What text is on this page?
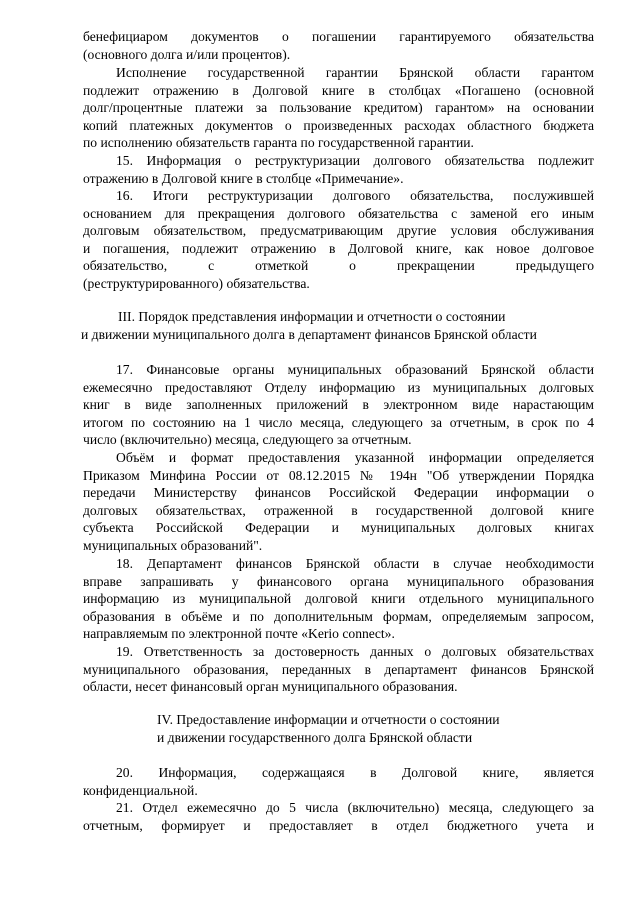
бенефициаром документов о погашении гарантируемого обязательства
(основного долга и/или процентов).
Исполнение государственной гарантии Брянской области гарантом
подлежит отражению в Долговой книге в столбцах «Погашено (основной
долг/процентные платежи за пользование кредитом) гарантом» на основании
копий платежных документов о произведенных расходах областного бюджета
по исполнению обязательств гаранта по государственной гарантии.
15. Информация о реструктуризации долгового обязательства подлежит
отражению в Долговой книге в столбце «Примечание».
16. Итоги реструктуризации долгового обязательства, послужившей
основанием для прекращения долгового обязательства с заменой его иным
долговым обязательством, предусматривающим другие условия обслуживания
и погашения, подлежит отражению в Долговой книге, как новое долговое
обязательство, с отметкой о прекращении предыдущего
(реструктурированного) обязательства.
III. Порядок представления информации и отчетности о состоянии
и движении муниципального долга в департамент финансов Брянской области
17. Финансовые органы муниципальных образований Брянской области
ежемесячно предоставляют Отделу информацию из муниципальных долговых
книг в виде заполненных приложений в электронном виде нарастающим
итогом по состоянию на 1 число месяца, следующего за отчетным, в срок по 4
число (включительно) месяца, следующего за отчетным.
Объём и формат предоставления указанной информации определяется
Приказом Минфина России от 08.12.2015 № 194н "Об утверждении Порядка
передачи Министерству финансов Российской Федерации информации о
долговых обязательствах, отраженной в государственной долговой книге
субъекта Российской Федерации и муниципальных долговых книгах
муниципальных образований".
18. Департамент финансов Брянской области в случае необходимости
вправе запрашивать у финансового органа муниципального образования
информацию из муниципальной долговой книги отдельного муниципального
образования в объёме и по дополнительным формам, определяемым запросом,
направляемым по электронной почте «Kerio connect».
19. Ответственность за достоверность данных о долговых обязательствах
муниципального образования, переданных в департамент финансов Брянской
области, несет финансовый орган муниципального образования.
IV. Предоставление информации и отчетности о состоянии
и движении государственного долга Брянской области
20. Информация, содержащаяся в Долговой книге, является
конфиденциальной.
21. Отдел ежемесячно до 5 числа (включительно) месяца, следующего за
отчетным, формирует и предоставляет в отдел бюджетного учета и
